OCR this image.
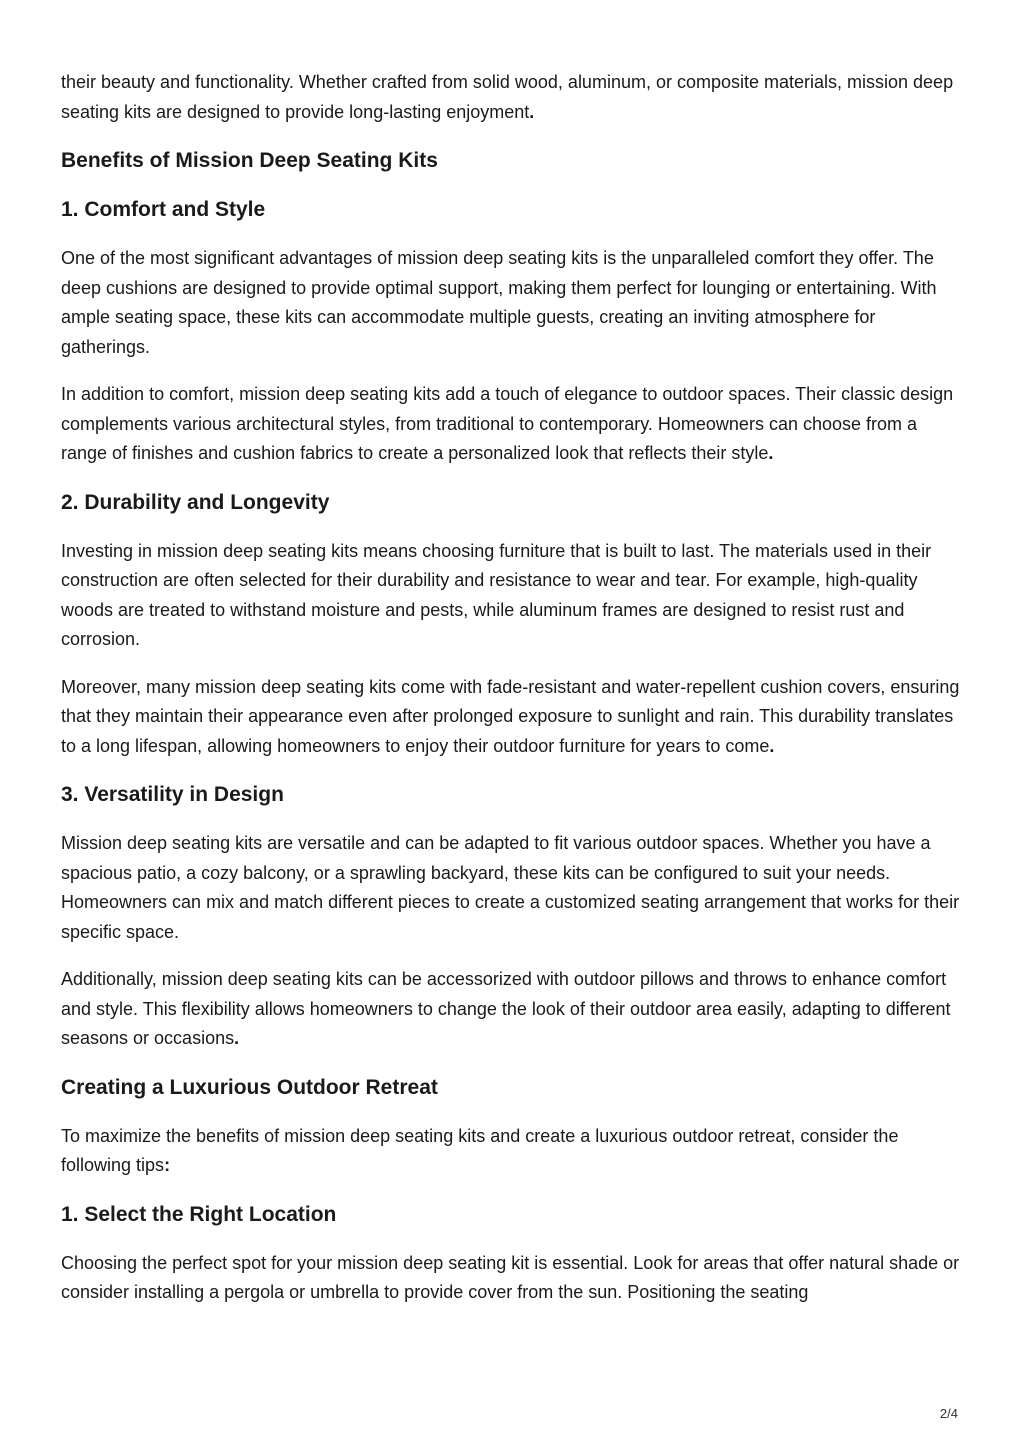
their beauty and functionality. Whether crafted from solid wood, aluminum, or composite materials, mission deep seating kits are designed to provide long-lasting enjoyment.

Benefits of Mission Deep Seating Kits
1. Comfort and Style

One of the most significant advantages of mission deep seating kits is the unparalleled comfort they offer. The deep cushions are designed to provide optimal support, making them perfect for lounging or entertaining. With ample seating space, these kits can accommodate multiple guests, creating an inviting atmosphere for gatherings.

In addition to comfort, mission deep seating kits add a touch of elegance to outdoor spaces. Their classic design complements various architectural styles, from traditional to contemporary. Homeowners can choose from a range of finishes and cushion fabrics to create a personalized look that reflects their style.

2. Durability and Longevity

Investing in mission deep seating kits means choosing furniture that is built to last. The materials used in their construction are often selected for their durability and resistance to wear and tear. For example, high-quality woods are treated to withstand moisture and pests, while aluminum frames are designed to resist rust and corrosion.

Moreover, many mission deep seating kits come with fade-resistant and water-repellent cushion covers, ensuring that they maintain their appearance even after prolonged exposure to sunlight and rain. This durability translates to a long lifespan, allowing homeowners to enjoy their outdoor furniture for years to come.

3. Versatility in Design

Mission deep seating kits are versatile and can be adapted to fit various outdoor spaces. Whether you have a spacious patio, a cozy balcony, or a sprawling backyard, these kits can be configured to suit your needs. Homeowners can mix and match different pieces to create a customized seating arrangement that works for their specific space.

Additionally, mission deep seating kits can be accessorized with outdoor pillows and throws to enhance comfort and style. This flexibility allows homeowners to change the look of their outdoor area easily, adapting to different seasons or occasions.

Creating a Luxurious Outdoor Retreat

To maximize the benefits of mission deep seating kits and create a luxurious outdoor retreat, consider the following tips:

1. Select the Right Location

Choosing the perfect spot for your mission deep seating kit is essential. Look for areas that offer natural shade or consider installing a pergola or umbrella to provide cover from the sun. Positioning the seating

2/4
